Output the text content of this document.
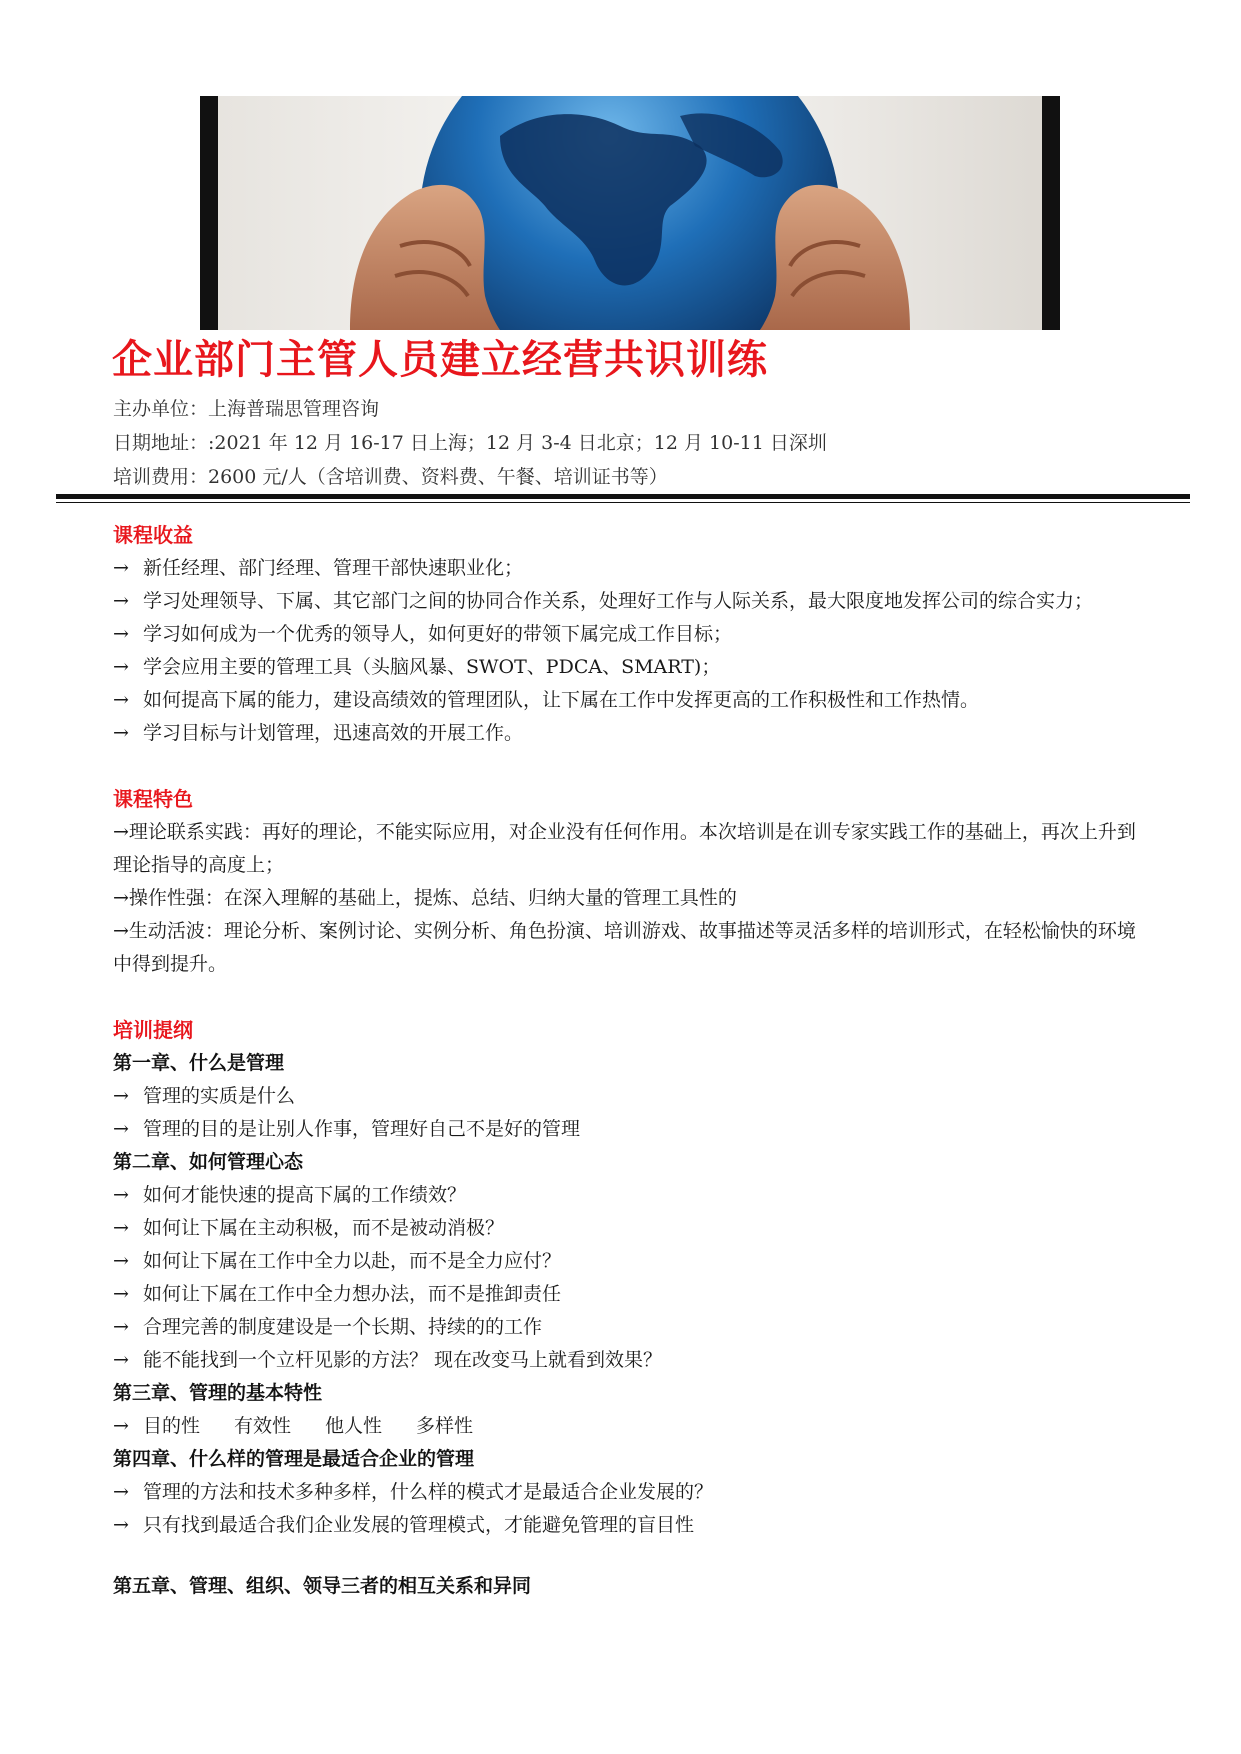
企业部门主管人员建立经营共识训练
主办单位：上海普瑞思管理咨询
日期地址：:2021 年 12 月 16-17 日上海；12 月 3-4 日北京；12 月 10-11 日深圳
培训费用：2600 元/人（含培训费、资料费、午餐、培训证书等）
课程收益
→ 新任经理、部门经理、管理干部快速职业化；
→ 学习处理领导、下属、其它部门之间的协同合作关系，处理好工作与人际关系，最大限度地发挥公司的综合实力；
→ 学习如何成为一个优秀的领导人，如何更好的带领下属完成工作目标；
→ 学会应用主要的管理工具（头脑风暴、SWOT、PDCA、SMART)；
→ 如何提高下属的能力，建设高绩效的管理团队，让下属在工作中发挥更高的工作积极性和工作热情。
→ 学习目标与计划管理，迅速高效的开展工作。
课程特色
→理论联系实践：再好的理论，不能实际应用，对企业没有任何作用。本次培训是在训专家实践工作的基础上，再次上升到理论指导的高度上；
→操作性强：在深入理解的基础上，提炼、总结、归纳大量的管理工具性的
→生动活波：理论分析、案例讨论、实例分析、角色扮演、培训游戏、故事描述等灵活多样的培训形式，在轻松愉快的环境中得到提升。
培训提纲
第一章、什么是管理
→ 管理的实质是什么
→ 管理的目的是让别人作事，管理好自己不是好的管理
第二章、如何管理心态
→ 如何才能快速的提高下属的工作绩效？
→ 如何让下属在主动积极，而不是被动消极？
→ 如何让下属在工作中全力以赴，而不是全力应付？
→ 如何让下属在工作中全力想办法，而不是推卸责任
→ 合理完善的制度建设是一个长期、持续的的工作
→ 能不能找到一个立杆见影的方法？ 现在改变马上就看到效果？
第三章、管理的基本特性
→ 目的性 有效性 他人性 多样性
第四章、什么样的管理是最适合企业的管理
→ 管理的方法和技术多种多样，什么样的模式才是最适合企业发展的？
→ 只有找到最适合我们企业发展的管理模式，才能避免管理的盲目性
第五章、管理、组织、领导三者的相互关系和异同
